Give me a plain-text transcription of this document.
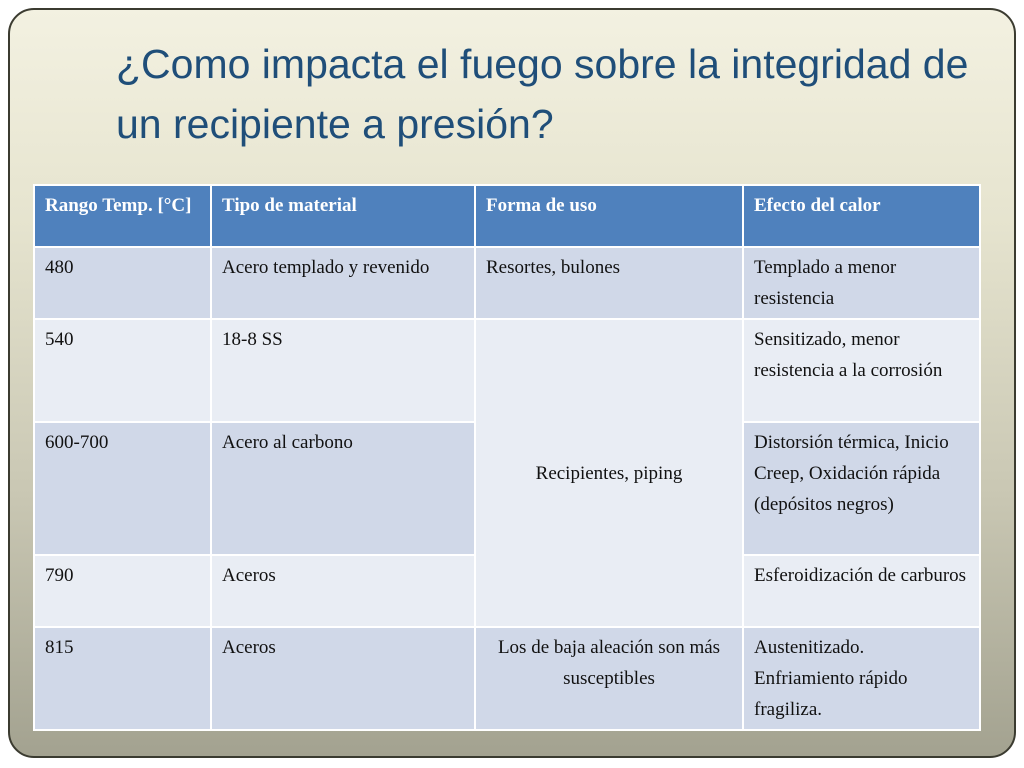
¿Como impacta el fuego sobre la integridad de un recipiente a presión?
Rango Temp. [°C]	Tipo de material	Forma de uso	Efecto del calor
480	Acero templado y revenido	Resortes, bulones	Templado a menor resistencia
540	18-8 SS	Recipientes, piping	Sensitizado, menor resistencia a la corrosión
600-700	Acero al carbono		Distorsión térmica, Inicio Creep, Oxidación rápida (depósitos negros)
790	Aceros		Esferoidización de carburos
815	Aceros	Los de baja aleación son más susceptibles	Austenitizado. Enfriamiento rápido fragiliza.
